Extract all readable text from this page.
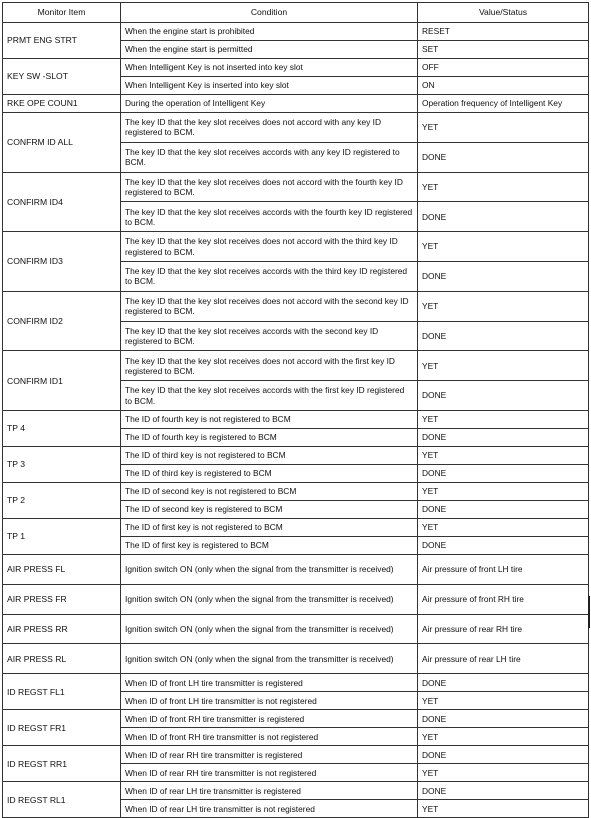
Monitor Item	Condition	Value/Status
PRMT ENG STRT	When the engine start is prohibited	RESET
	When the engine start is permitted	SET
KEY SW -SLOT	When Intelligent Key is not inserted into key slot	OFF
	When Intelligent Key is inserted into key slot	ON
RKE OPE COUN1	During the operation of Intelligent Key	Operation frequency of Intelligent Key
CONFRM ID ALL	The key ID that the key slot receives does not accord with any key ID registered to BCM.	YET
	The key ID that the key slot receives accords with any key ID registered to BCM.	DONE
CONFIRM ID4	The key ID that the key slot receives does not accord with the fourth key ID registered to BCM.	YET
	The key ID that the key slot receives accords with the fourth key ID registered to BCM.	DONE
CONFIRM ID3	The key ID that the key slot receives does not accord with the third key ID registered to BCM.	YET
	The key ID that the key slot receives accords with the third key ID registered to BCM.	DONE
CONFIRM ID2	The key ID that the key slot receives does not accord with the second key ID registered to BCM.	YET
	The key ID that the key slot receives accords with the second key ID registered to BCM.	DONE
CONFIRM ID1	The key ID that the key slot receives does not accord with the first key ID registered to BCM.	YET
	The key ID that the key slot receives accords with the first key ID registered to BCM.	DONE
TP 4	The ID of fourth key is not registered to BCM	YET
	The ID of fourth key is registered to BCM	DONE
TP 3	The ID of third key is not registered to BCM	YET
	The ID of third key is registered to BCM	DONE
TP 2	The ID of second key is not registered to BCM	YET
	The ID of second key is registered to BCM	DONE
TP 1	The ID of first key is not registered to BCM	YET
	The ID of first key is registered to BCM	DONE
AIR PRESS FL	Ignition switch ON (only when the signal from the transmitter is received)	Air pressure of front LH tire
AIR PRESS FR	Ignition switch ON (only when the signal from the transmitter is received)	Air pressure of front RH tire
AIR PRESS RR	Ignition switch ON (only when the signal from the transmitter is received)	Air pressure of rear RH tire
AIR PRESS RL	Ignition switch ON (only when the signal from the transmitter is received)	Air pressure of rear LH tire
ID REGST FL1	When ID of front LH tire transmitter is registered	DONE
	When ID of front LH tire transmitter is not registered	YET
ID REGST FR1	When ID of front RH tire transmitter is registered	DONE
	When ID of front RH tire transmitter is not registered	YET
ID REGST RR1	When ID of rear RH tire transmitter is registered	DONE
	When ID of rear RH tire transmitter is not registered	YET
ID REGST RL1	When ID of rear LH tire transmitter is registered	DONE
	When ID of rear LH tire transmitter is not registered	YET
